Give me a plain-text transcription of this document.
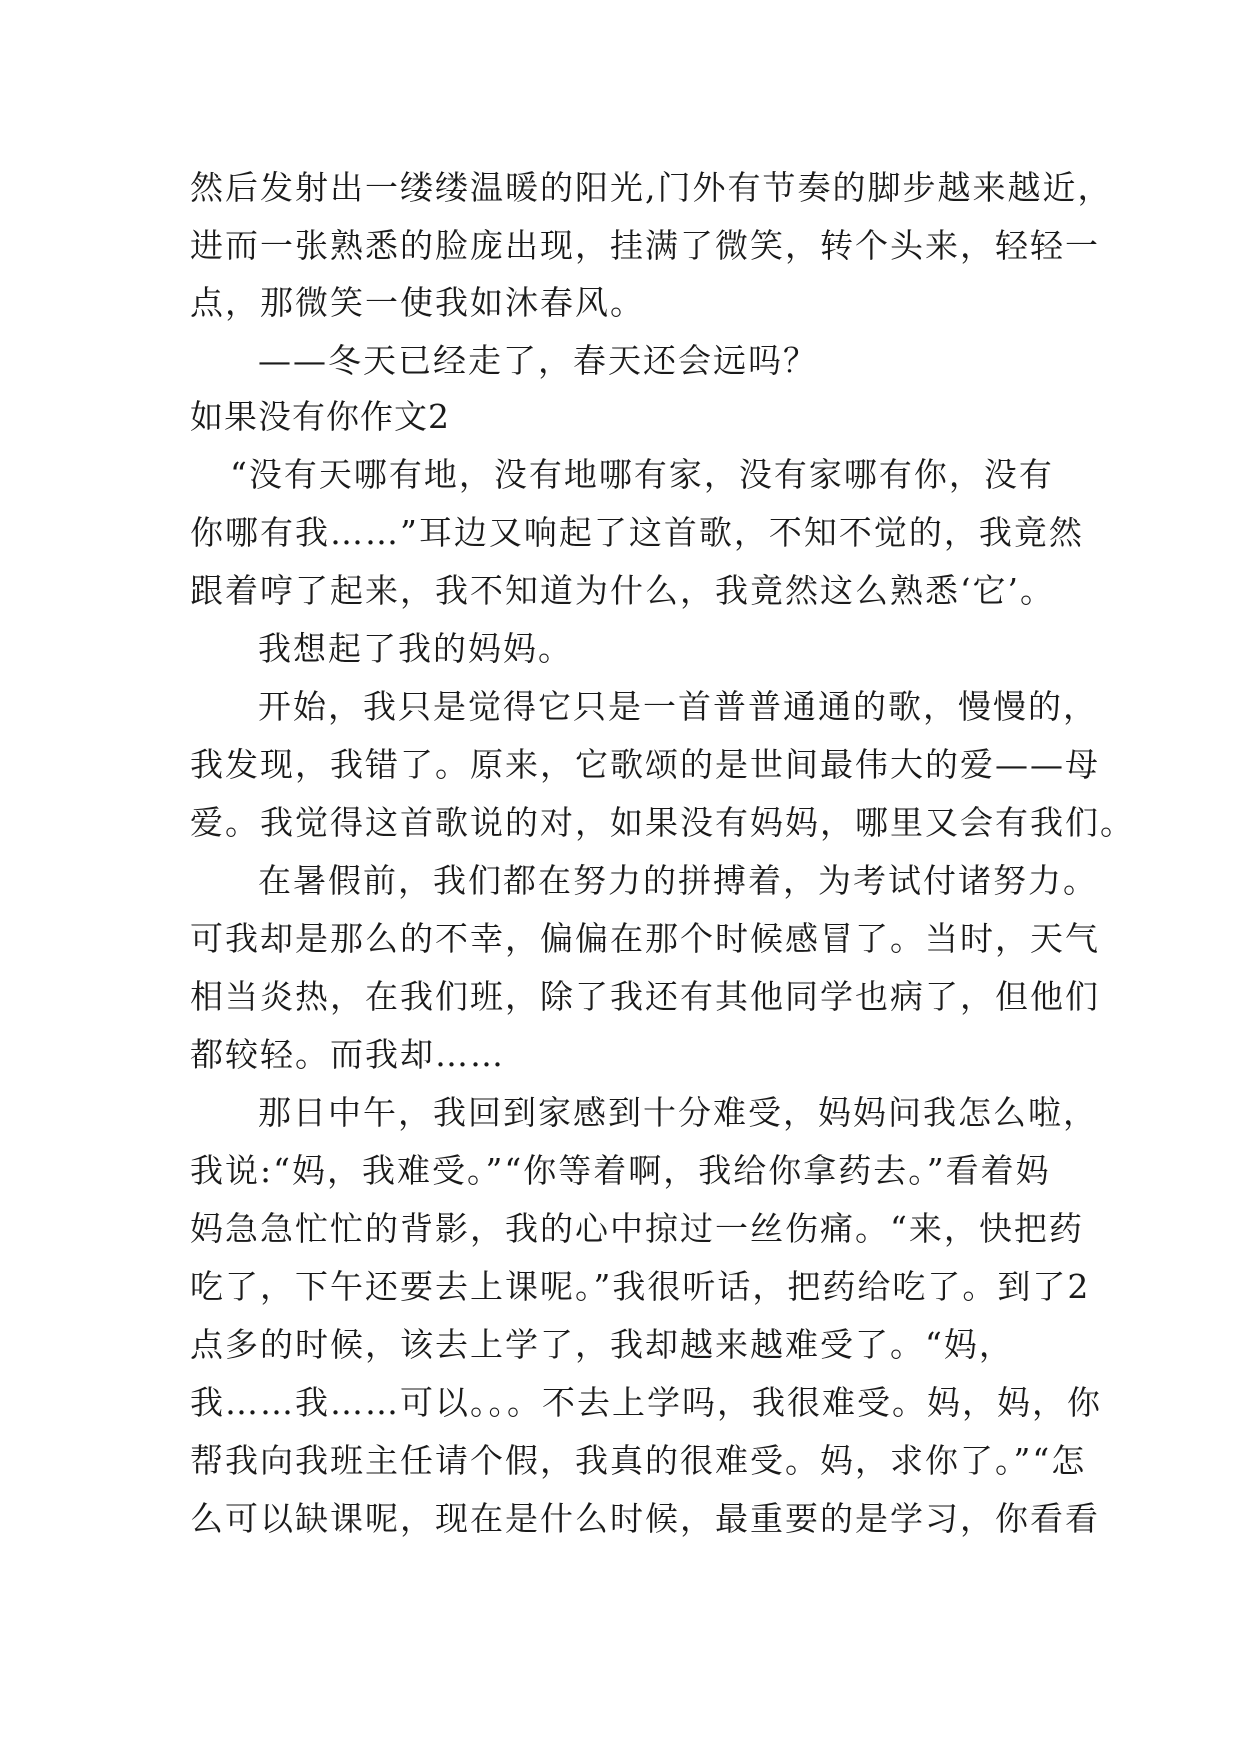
然后发射出一缕缕温暖的阳光,门外有节奏的脚步越来越近，
进而一张熟悉的脸庞出现，挂满了微笑，转个头来，轻轻一
点，那微笑一使我如沐春风。
——冬天已经走了，春天还会远吗？
如果没有你作文2
“没有天哪有地，没有地哪有家，没有家哪有你，没有
你哪有我……”耳边又响起了这首歌，不知不觉的，我竟然
跟着哼了起来，我不知道为什么，我竟然这么熟悉‘它’。
我想起了我的妈妈。
开始，我只是觉得它只是一首普普通通的歌，慢慢的，
我发现，我错了。原来，它歌颂的是世间最伟大的爱——母
爱。我觉得这首歌说的对，如果没有妈妈，哪里又会有我们。
在暑假前，我们都在努力的拼搏着，为考试付诸努力。
可我却是那么的不幸，偏偏在那个时候感冒了。当时，天气
相当炎热，在我们班，除了我还有其他同学也病了，但他们
都较轻。而我却……
那日中午，我回到家感到十分难受，妈妈问我怎么啦，
我说:“妈，我难受。”“你等着啊，我给你拿药去。”看着妈
妈急急忙忙的背影，我的心中掠过一丝伤痛。“来，快把药
吃了，下午还要去上课呢。”我很听话，把药给吃了。到了2
点多的时候，该去上学了，我却越来越难受了。“妈，
我……我……可以。。。不去上学吗，我很难受。妈，妈，你
帮我向我班主任请个假，我真的很难受。妈，求你了。”“怎
么可以缺课呢，现在是什么时候，最重要的是学习，你看看
